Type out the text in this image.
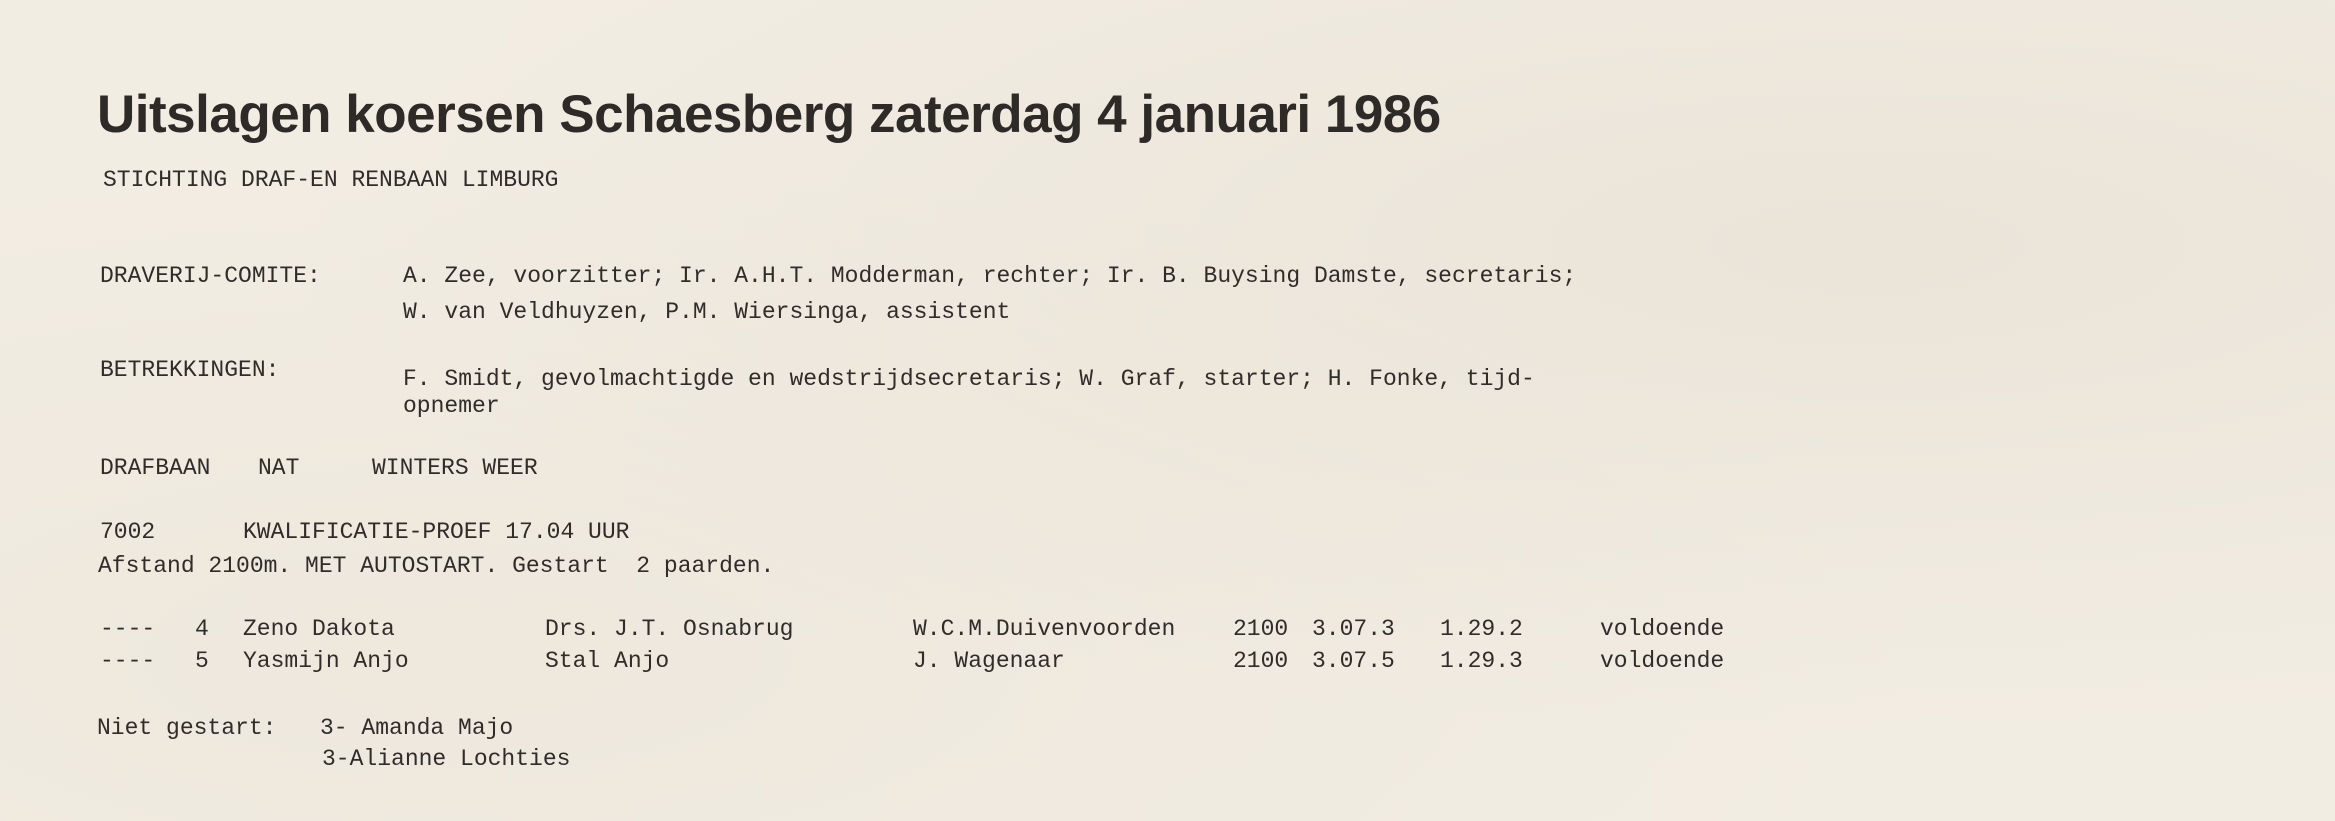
Uitslagen koersen Schaesberg zaterdag 4 januari 1986
STICHTING DRAF-EN RENBAAN LIMBURG
DRAVERIJ-COMITE:	A. Zee, voorzitter; Ir. A.H.T. Modderman, rechter; Ir. B. Buysing Damste, secretaris;
W. van Veldhuyzen, P.M. Wiersinga, assistent
BETREKKINGEN:	F. Smidt, gevolmachtigde en wedstrijdsecretaris; W. Graf, starter; H. Fonke, tijd-
opnemer
DRAFBAAN NAT	WINTERS WEER
7002	KWALIFICATIE-PROEF 17.04 UUR
Afstand 2100m. MET AUTOSTART. Gestart  2 paarden.
---- 4 Zeno Dakota	Drs. J.T. Osnabrug	W.C.M.Duivenvoorden	2100 3.07.3 1.29.2	voldoende
---- 5 Yasmijn Anjo	Stal Anjo	J. Wagenaar	2100 3.07.5 1.29.3	voldoende
Niet gestart: 3- Amanda Majo
3-Alianne Lochties
